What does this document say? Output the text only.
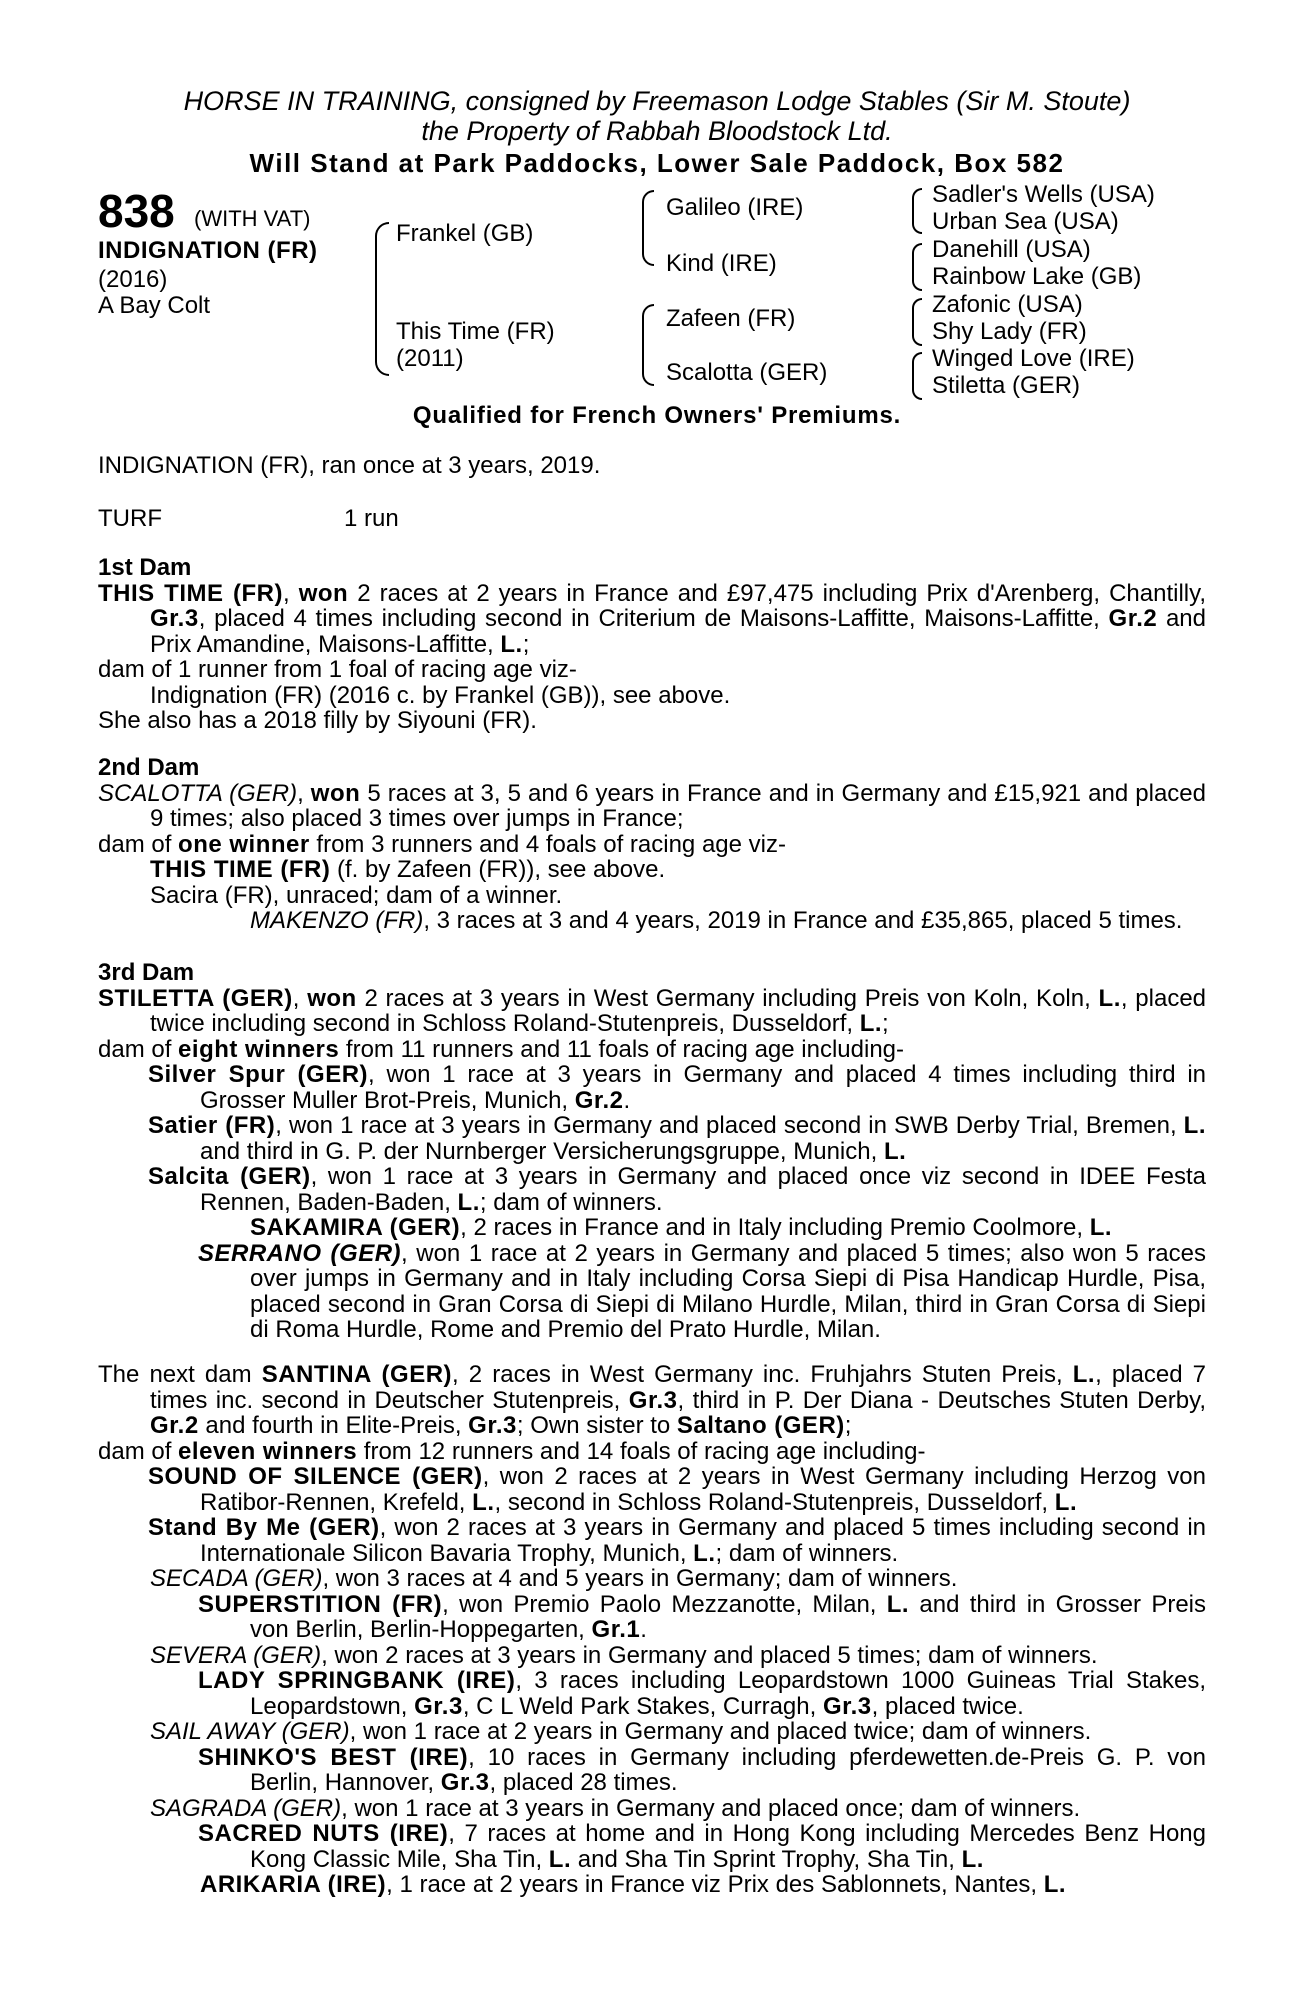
HORSE IN TRAINING, consigned by Freemason Lodge Stables (Sir M. Stoute)
the Property of Rabbah Bloodstock Ltd.
Will Stand at Park Paddocks, Lower Sale Paddock, Box 582
838 (WITH VAT)
INDIGNATION (FR)
(2016)
A Bay Colt
Frankel (GB)
This Time (FR)
(2011)
Galileo (IRE)
Kind (IRE)
Zafeen (FR)
Scalotta (GER)
Sadler's Wells (USA)
Urban Sea (USA)
Danehill (USA)
Rainbow Lake (GB)
Zafonic (USA)
Shy Lady (FR)
Winged Love (IRE)
Stiletta (GER)
Qualified for French Owners' Premiums.
INDIGNATION (FR), ran once at 3 years, 2019.
TURF	1 run

1st Dam

THIS TIME (FR), won 2 races at 2 years in France and £97,475 including Prix d'Arenberg, Chantilly, Gr.3, placed 4 times including second in Criterium de Maisons-Laffitte, Maisons-Laffitte, Gr.2 and Prix Amandine, Maisons-Laffitte, L.;

dam of 1 runner from 1 foal of racing age viz-

Indignation (FR) (2016 c. by Frankel (GB)), see above.

She also has a 2018 filly by Siyouni (FR).

2nd Dam

SCALOTTA (GER), won 5 races at 3, 5 and 6 years in France and in Germany and £15,921 and placed 9 times; also placed 3 times over jumps in France;

dam of one winner from 3 runners and 4 foals of racing age viz-

THIS TIME (FR) (f. by Zafeen (FR)), see above.

Sacira (FR), unraced; dam of a winner.

MAKENZO (FR), 3 races at 3 and 4 years, 2019 in France and £35,865, placed 5 times.

3rd Dam

STILETTA (GER), won 2 races at 3 years in West Germany including Preis von Koln, Koln, L., placed twice including second in Schloss Roland-Stutenpreis, Dusseldorf, L.;

dam of eight winners from 11 runners and 11 foals of racing age including-

Silver Spur (GER), won 1 race at 3 years in Germany and placed 4 times including third in Grosser Muller Brot-Preis, Munich, Gr.2.

Satier (FR), won 1 race at 3 years in Germany and placed second in SWB Derby Trial, Bremen, L. and third in G. P. der Nurnberger Versicherungsgruppe, Munich, L.

Salcita (GER), won 1 race at 3 years in Germany and placed once viz second in IDEE Festa Rennen, Baden-Baden, L.; dam of winners.

SAKAMIRA (GER), 2 races in France and in Italy including Premio Coolmore, L.

SERRANO (GER), won 1 race at 2 years in Germany and placed 5 times; also won 5 races over jumps in Germany and in Italy including Corsa Siepi di Pisa Handicap Hurdle, Pisa, placed second in Gran Corsa di Siepi di Milano Hurdle, Milan, third in Gran Corsa di Siepi di Roma Hurdle, Rome and Premio del Prato Hurdle, Milan.

The next dam SANTINA (GER), 2 races in West Germany inc. Fruhjahrs Stuten Preis, L., placed 7 times inc. second in Deutscher Stutenpreis, Gr.3, third in P. Der Diana - Deutsches Stuten Derby, Gr.2 and fourth in Elite-Preis, Gr.3; Own sister to Saltano (GER);

dam of eleven winners from 12 runners and 14 foals of racing age including-

SOUND OF SILENCE (GER), won 2 races at 2 years in West Germany including Herzog von Ratibor-Rennen, Krefeld, L., second in Schloss Roland-Stutenpreis, Dusseldorf, L.

Stand By Me (GER), won 2 races at 3 years in Germany and placed 5 times including second in Internationale Silicon Bavaria Trophy, Munich, L.; dam of winners.

SECADA (GER), won 3 races at 4 and 5 years in Germany; dam of winners.

SUPERSTITION (FR), won Premio Paolo Mezzanotte, Milan, L. and third in Grosser Preis von Berlin, Berlin-Hoppegarten, Gr.1.

SEVERA (GER), won 2 races at 3 years in Germany and placed 5 times; dam of winners.

LADY SPRINGBANK (IRE), 3 races including Leopardstown 1000 Guineas Trial Stakes, Leopardstown, Gr.3, C L Weld Park Stakes, Curragh, Gr.3, placed twice.

SAIL AWAY (GER), won 1 race at 2 years in Germany and placed twice; dam of winners.

SHINKO'S BEST (IRE), 10 races in Germany including pferdewetten.de-Preis G. P. von Berlin, Hannover, Gr.3, placed 28 times.

SAGRADA (GER), won 1 race at 3 years in Germany and placed once; dam of winners.

SACRED NUTS (IRE), 7 races at home and in Hong Kong including Mercedes Benz Hong Kong Classic Mile, Sha Tin, L. and Sha Tin Sprint Trophy, Sha Tin, L.

ARIKARIA (IRE), 1 race at 2 years in France viz Prix des Sablonnets, Nantes, L.
